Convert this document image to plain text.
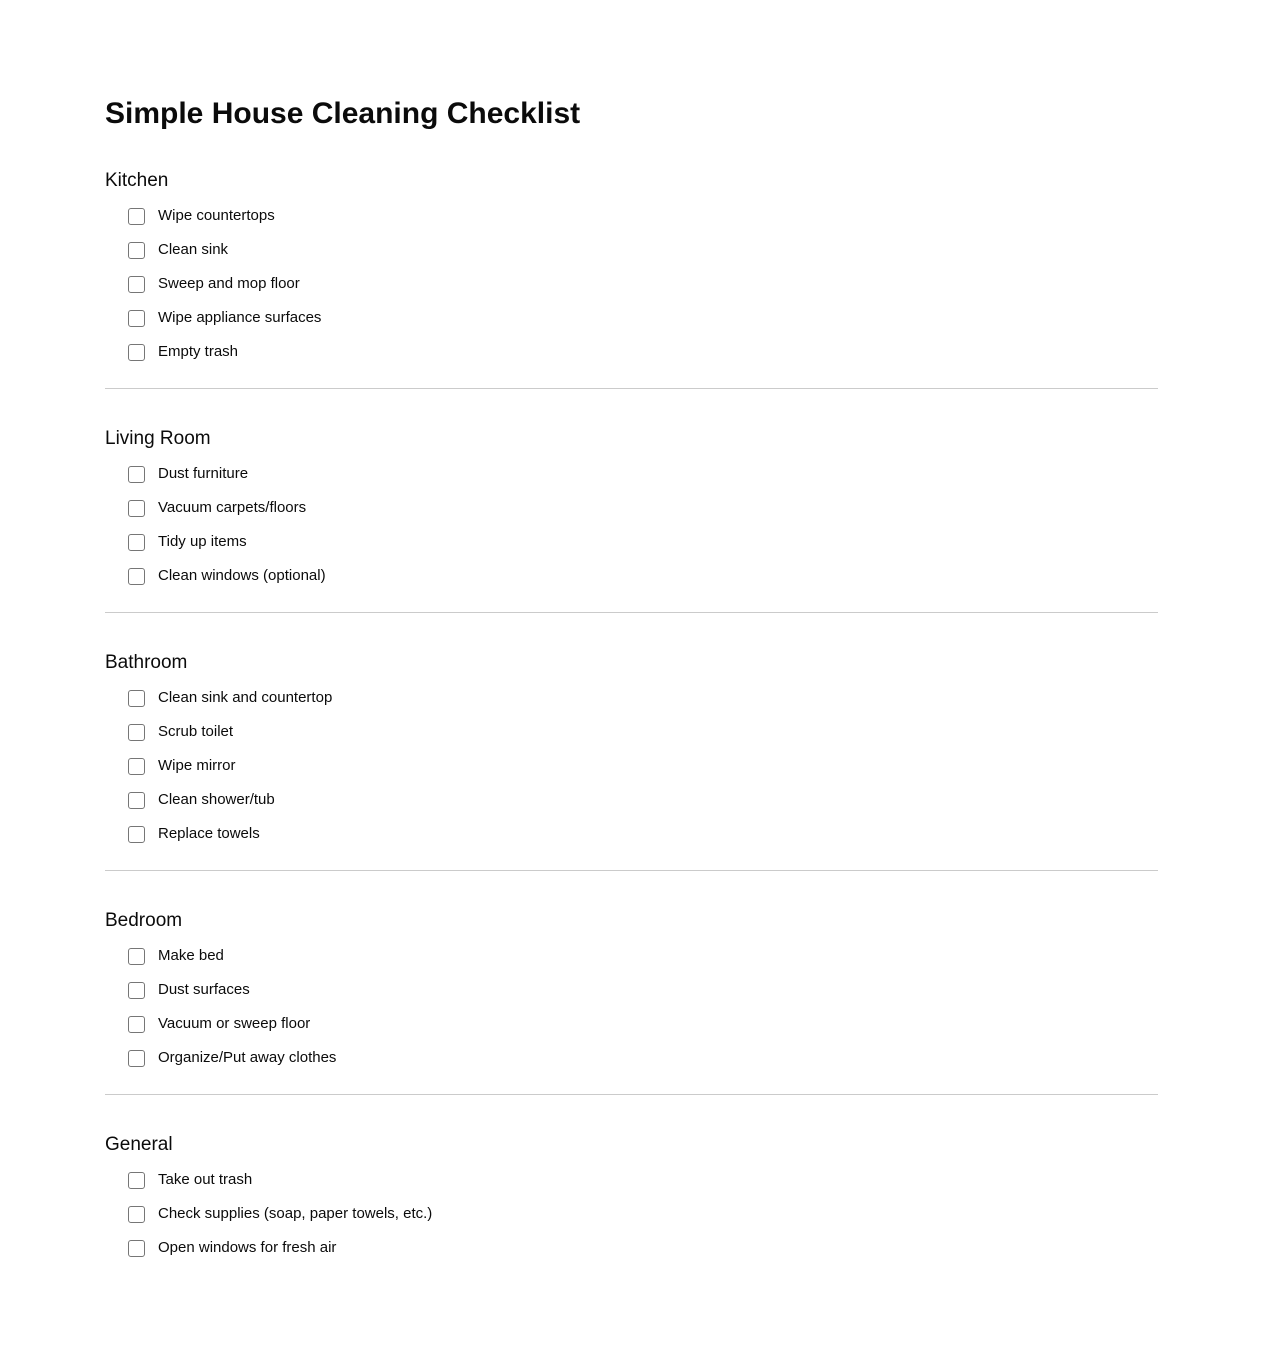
Simple House Cleaning Checklist
Kitchen
Wipe countertops
Clean sink
Sweep and mop floor
Wipe appliance surfaces
Empty trash
Living Room
Dust furniture
Vacuum carpets/floors
Tidy up items
Clean windows (optional)
Bathroom
Clean sink and countertop
Scrub toilet
Wipe mirror
Clean shower/tub
Replace towels
Bedroom
Make bed
Dust surfaces
Vacuum or sweep floor
Organize/Put away clothes
General
Take out trash
Check supplies (soap, paper towels, etc.)
Open windows for fresh air
